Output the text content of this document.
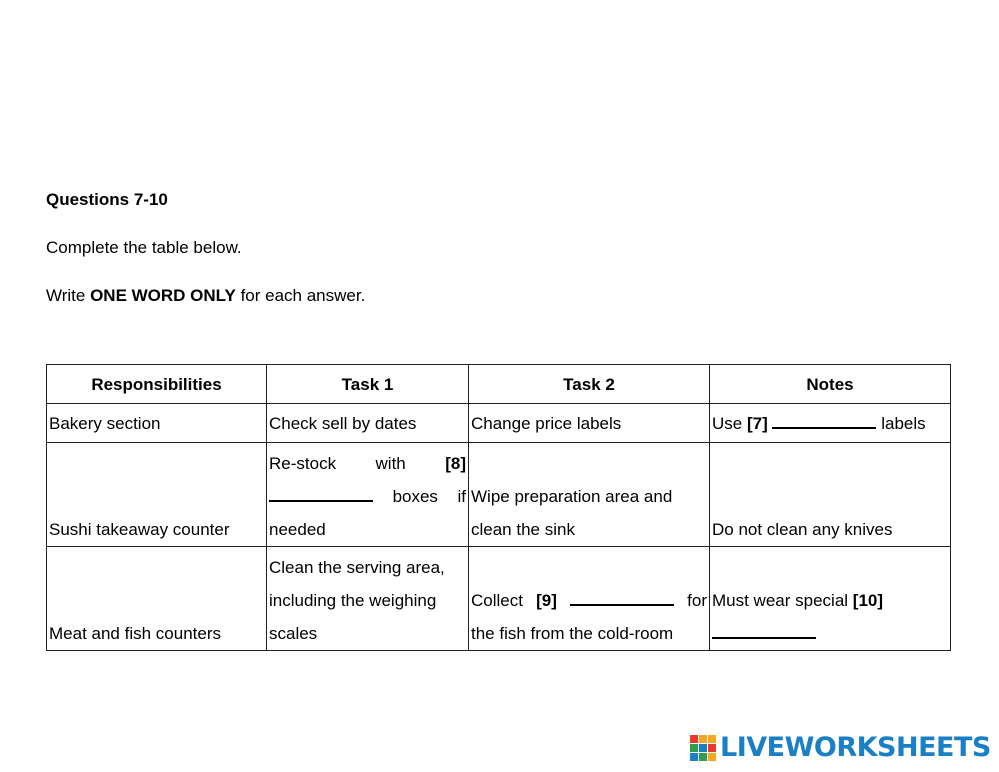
Questions 7-10
Complete the table below.
Write ONE WORD ONLY for each answer.
Responsibilities	Task 1	Task 2	Notes
Bakery section	Check sell by dates	Change price labels	Use [7] labels
Sushi takeaway counter	Re-stock with [8]  boxes if needed	Wipe preparation area and clean the sink	Do not clean any knives
Meat and fish counters	Clean the serving area, including the weighing scales	Collect [9] for the fish from the cold-room	Must wear special [10]

LIVEWORKSHEETS
